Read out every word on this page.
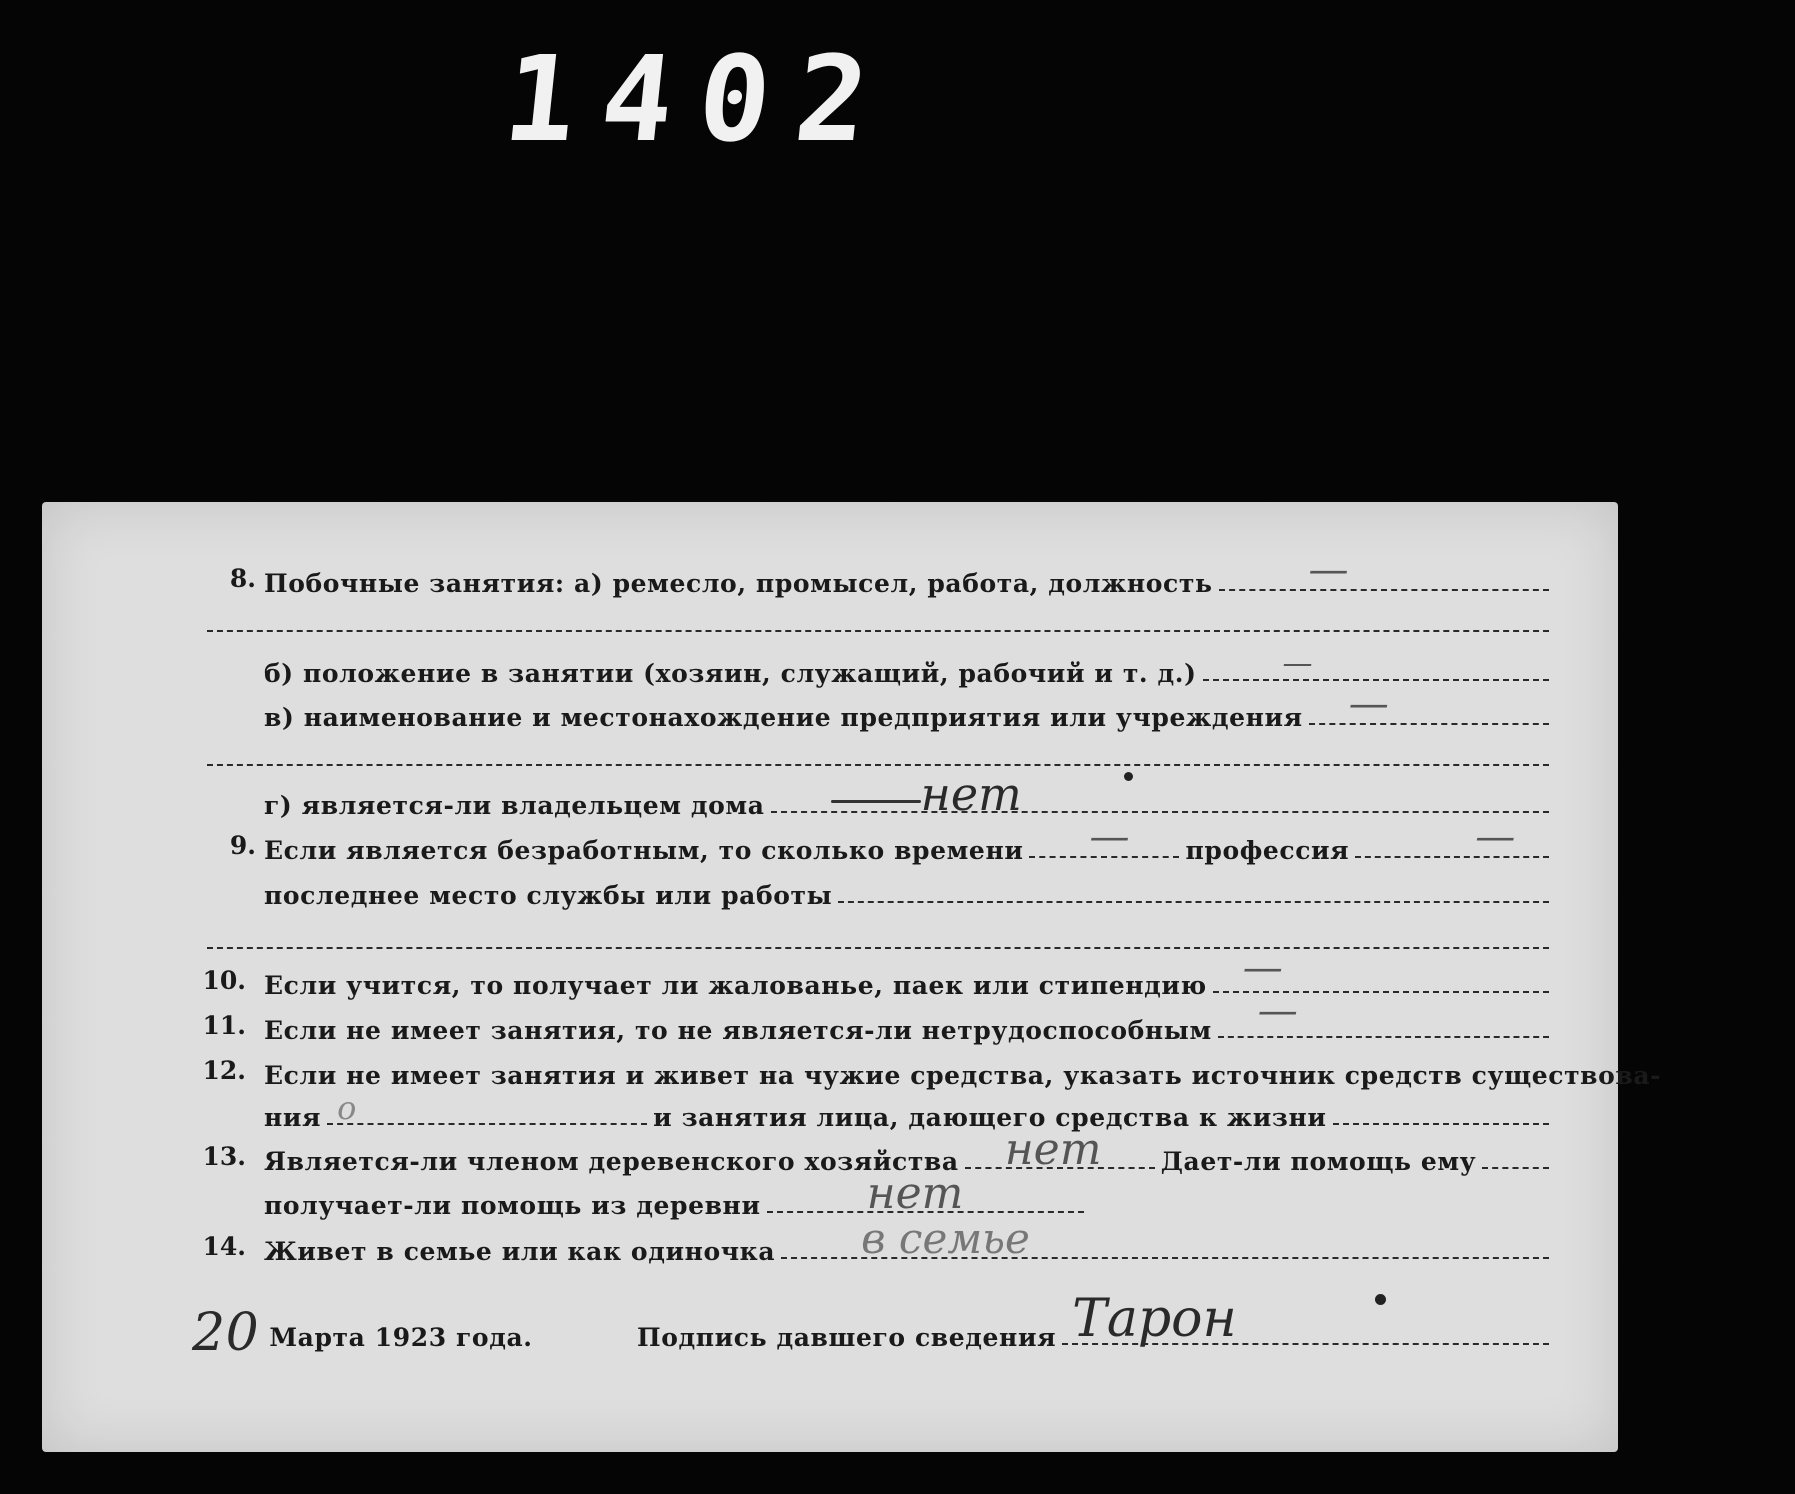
1402
8. Побочные занятия: а) ремесло, промысел, работа, должность —
б) положение в занятии (хозяин, служащий, рабочий и т. д.)	—
в) наименование и местонахождение предприятия или учреждения —
г) является-ли владельцем дома	нет
9. Если является безработным, то сколько времени — профессия	—
последнее место службы или работы
10. Если учится, то получает ли жалованье, паек или стипендию —
11. Если не имеет занятия, то не является-ли нетрудоспособным —
12. Если не имеет занятия и живет на чужие средства, указать источник средств существова-
ния о	и занятия лица, дающего средства к жизни
13. Является-ли членом деревенского хозяйства нет Дает-ли помощь ему
получает-ли помощь из деревни нет
14. Живет в семье или как одиночка в семье
20 Марта 1923 года.	Подпись давшего сведения Тарон
